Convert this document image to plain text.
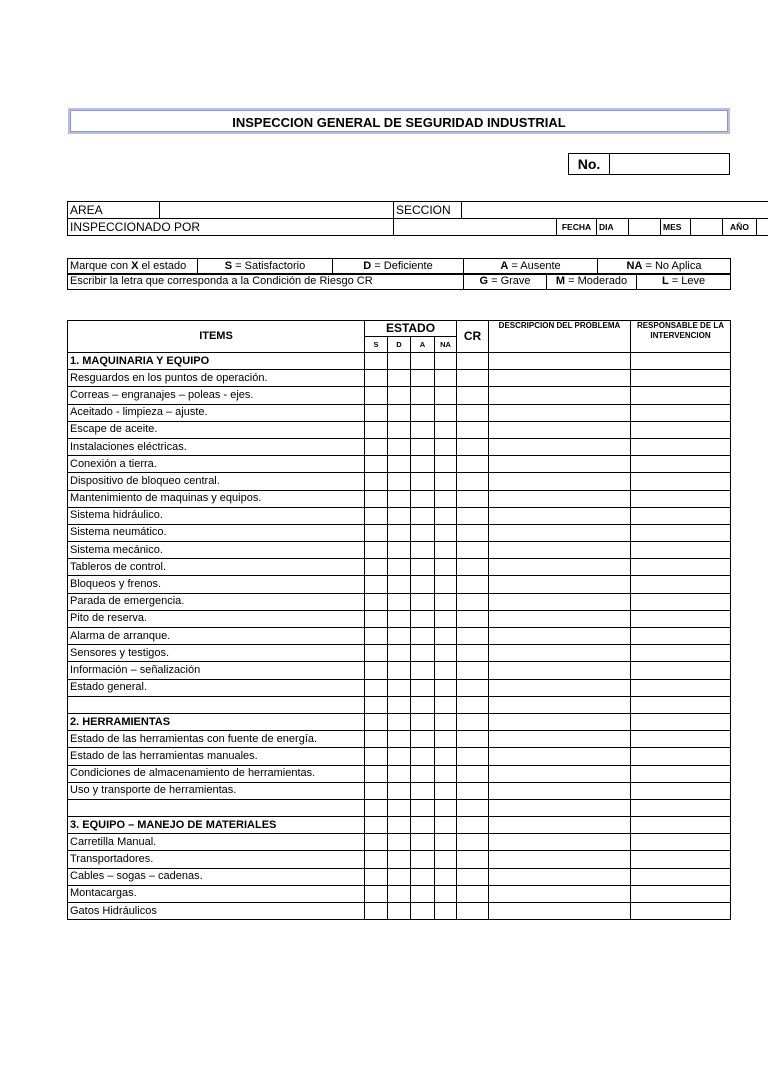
INSPECCION GENERAL DE SEGURIDAD INDUSTRIAL
No.
AREA		SECCION								
INSPECCIONADO POR				FECHA	DIA		MES		AÑO	
Marque con X el estado	S = Satisfactorio	D = Deficiente	A = Ausente	NA = No Aplica
Escribir la letra que corresponda a la Condición de Riesgo CR	G = Grave	M = Moderado	L = Leve
ITEMS	ESTADO				CR	DESCRIPCION DEL PROBLEMA	RESPONSABLE DE LA INTERVENCION
	S	D	A	NA			
1. MAQUINARIA Y EQUIPO							
Resguardos en los puntos de operación.							
Correas – engranajes – poleas - ejes.							
Aceitado - limpieza – ajuste.							
Escape de aceite.							
Instalaciones eléctricas.							
Conexión a tierra.							
Dispositivo de bloqueo central.							
Mantenimiento de maquinas y equipos.							
Sistema hidráulico.							
Sistema neumático.							
Sistema mecánico.							
Tableros de control.							
Bloqueos y frenos.							
Parada de emergencia.							
Pito de reserva.							
Alarma de arranque.							
Sensores y testigos.							
Información – señalización							
Estado general.							

2. HERRAMIENTAS							
Estado de las herramientas con fuente de energía.							
Estado de las herramientas manuales.							
Condiciones de almacenamiento de herramientas.							
Uso y transporte de herramientas.							

3. EQUIPO – MANEJO DE MATERIALES							
Carretilla Manual.							
Transportadores.							
Cables – sogas – cadenas.							
Montacargas.							
Gatos Hidráulicos							
